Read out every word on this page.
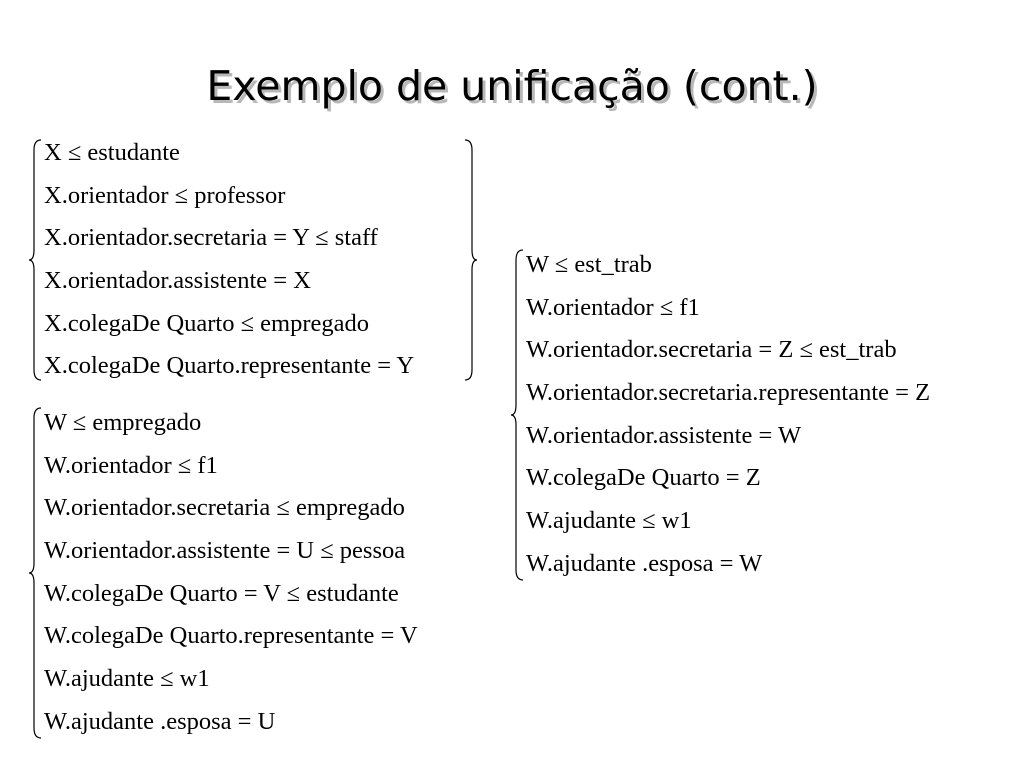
Exemplo de unificação (cont.)
X ≤ estudante
X.orientador ≤ professor
X.orientador.secretaria = Y ≤ staff
X.orientador.assistente = X
X.colegaDe Quarto ≤ empregado
X.colegaDe Quarto.representante = Y
W ≤ empregado
W.orientador ≤ f1
W.orientador.secretaria ≤ empregado
W.orientador.assistente = U ≤ pessoa
W.colegaDe Quarto = V ≤ estudante
W.colegaDe Quarto.representante = V
W.ajudante ≤ w1
W.ajudante .esposa = U
W ≤ est_trab
W.orientador ≤ f1
W.orientador.secretaria = Z ≤ est_trab
W.orientador.secretaria.representante = Z
W.orientador.assistente = W
W.colegaDe Quarto = Z
W.ajudante ≤ w1
W.ajudante .esposa = W
